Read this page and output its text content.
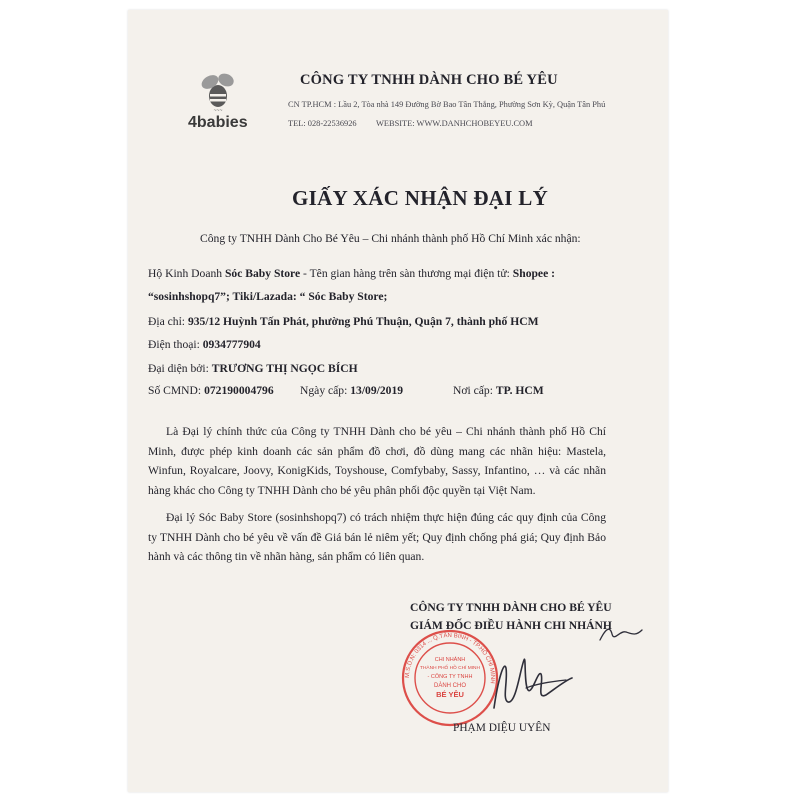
~~~
4babies
CÔNG TY TNHH DÀNH CHO BÉ YÊU
CN TP.HCM : Lầu 2, Tòa nhà 149 Đường Bờ Bao Tân Thắng, Phường Sơn Kỳ, Quận Tân Phú
TEL: 028-22536926 WEBSITE: WWW.DANHCHOBEYEU.COM
GIẤY XÁC NHẬN ĐẠI LÝ
Công ty TNHH Dành Cho Bé Yêu – Chi nhánh thành phố Hồ Chí Minh xác nhận:
Hộ Kinh Doanh Sóc Baby Store - Tên gian hàng trên sàn thương mại điện tử: Shopee :
“sosinhshopq7”; Tiki/Lazada: “ Sóc Baby Store;
Địa chỉ: 935/12 Huỳnh Tấn Phát, phường Phú Thuận, Quận 7, thành phố HCM
Điện thoại: 0934777904
Đại diện bởi: TRƯƠNG THỊ NGỌC BÍCH
Số CMND: 072190004796 Ngày cấp: 13/09/2019	Nơi cấp: TP. HCM
Là Đại lý chính thức của Công ty TNHH Dành cho bé yêu – Chi nhánh thành phố Hồ Chí Minh, được phép kinh doanh các sản phẩm đồ chơi, đồ dùng mang các nhãn hiệu: Mastela, Winfun, Royalcare, Joovy, KonigKids, Toyshouse, Comfybaby, Sassy, Infantino, … và các nhãn hàng khác cho Công ty TNHH Dành cho bé yêu phân phối độc quyền tại Việt Nam.
Đại lý Sóc Baby Store (sosinhshopq7) có trách nhiệm thực hiện đúng các quy định của Công ty TNHH Dành cho bé yêu về vấn đề Giá bán lẻ niêm yết; Quy định chống phá giá; Quy định Bảo hành và các thông tin về nhãn hàng, sản phẩm có liên quan.
CÔNG TY TNHH DÀNH CHO BÉ YÊU
GIÁM ĐỐC ĐIỀU HÀNH CHI NHÁNH
M.S.D.N: 0314 ... Q.TÂN BÌNH - TP.HỒ CHÍ MINH
CHI NHÁNH
THÀNH PHỐ HỒ CHÍ MINH
- CÔNG TY TNHH
DÀNH CHO
BÉ YÊU
PHẠM DIỆU UYÊN
